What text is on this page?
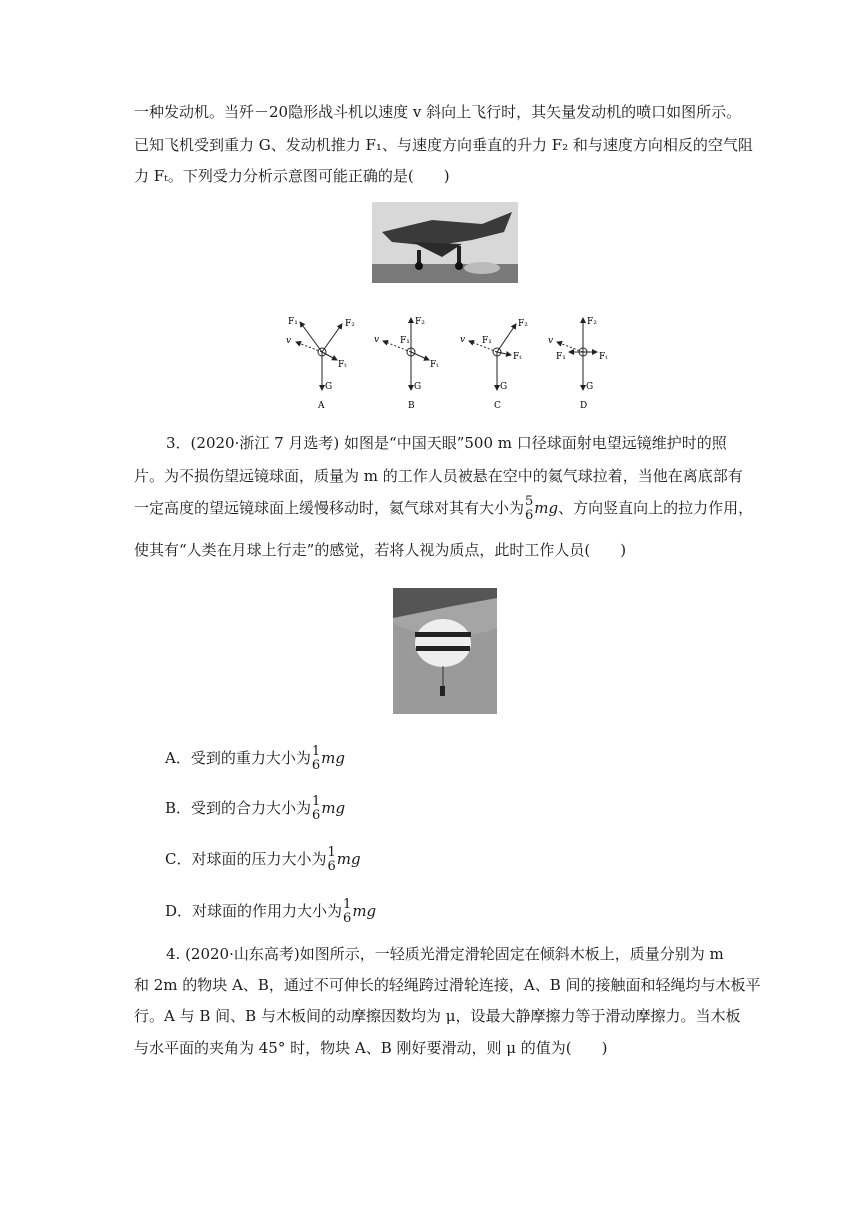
一种发动机。当歼－20隐形战斗机以速度 v 斜向上飞行时，其矢量发动机的喷口如图所示。
已知飞机受到重力 G、发动机推力 F₁、与速度方向垂直的升力 F₂ 和与速度方向相反的空气阻
力 Fₜ。下列受力分析示意图可能正确的是(　　)
F₁	F₂
v
Fₜ
G
A
F₂
F₁
v
Fₜ
G
B
F₂
F₁
v
Fₜ
G
C
F₂
v
F₁	Fₜ
G
D
3．(2020·浙江 7 月选考) 如图是“中国天眼”500 m 口径球面射电望远镜维护时的照
片。为不损伤望远镜球面，质量为 m 的工作人员被悬在空中的氦气球拉着，当他在离底部有
一定高度的望远镜球面上缓慢移动时，氦气球对其有大小为 5
6 mg、方向竖直向上的拉力作用，
使其有“人类在月球上行走”的感觉，若将人视为质点，此时工作人员(　　)
A．受到的重力大小为 1
6 mg
B．受到的合力大小为 1
6 mg
C．对球面的压力大小为 1
6 mg
D．对球面的作用力大小为 1
6 mg
4. (2020·山东高考)如图所示，一轻质光滑定滑轮固定在倾斜木板上，质量分别为 m
和 2m 的物块 A、B，通过不可伸长的轻绳跨过滑轮连接，A、B 间的接触面和轻绳均与木板平
行。A 与 B 间、B 与木板间的动摩擦因数均为 μ，设最大静摩擦力等于滑动摩擦力。当木板
与水平面的夹角为 45° 时，物块 A、B 刚好要滑动，则 μ 的值为(　　)
